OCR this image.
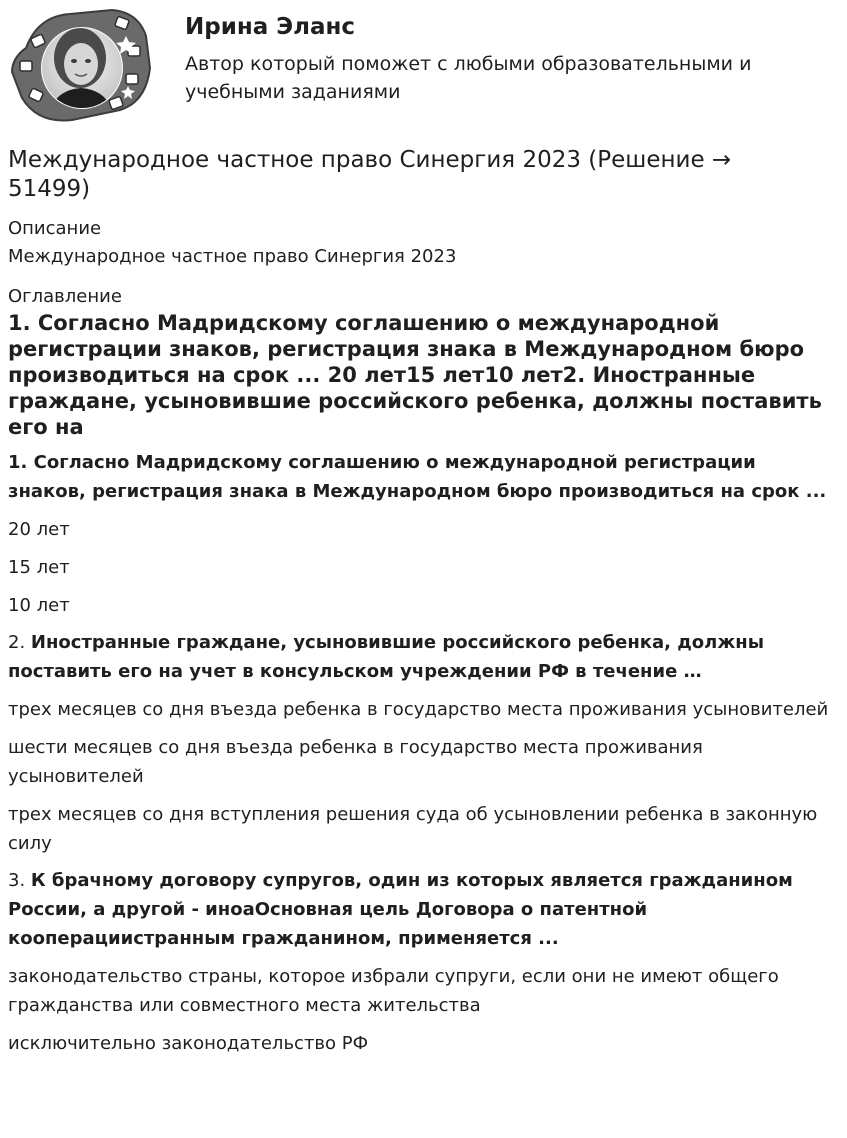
Ирина Эланс
Автор который поможет с любыми образовательными и учебными заданиями
Международное частное право Синергия 2023 (Решение → 51499)
Описание
Международное частное право Синергия 2023
Оглавление
1. Согласно Мадридскому соглашению о международной регистрации знаков, регистрация знака в Международном бюро производиться на срок ... 20 лет15 лет10 лет2. Иностранные граждане, усыновившие российского ребенка, должны поставить его на
1. Согласно Мадридскому соглашению о международной регистрации знаков, регистрация знака в Международном бюро производиться на срок ...
20 лет
15 лет
10 лет
2. Иностранные граждане, усыновившие российского ребенка, должны поставить его на учет в консульском учреждении РФ в течение …
трех месяцев со дня въезда ребенка в государство места проживания усыновителей
шести месяцев со дня въезда ребенка в государство места проживания усыновителей
трех месяцев со дня вступления решения суда об усыновлении ребенка в законную силу
3. К брачному договору супругов, один из которых является гражданином России, а другой - иноаОсновная цель Договора о патентной кооперациистранным гражданином, применяется ...
законодательство страны, которое избрали супруги, если они не имеют общего гражданства или совместного места жительства
исключительно законодательство РФ
